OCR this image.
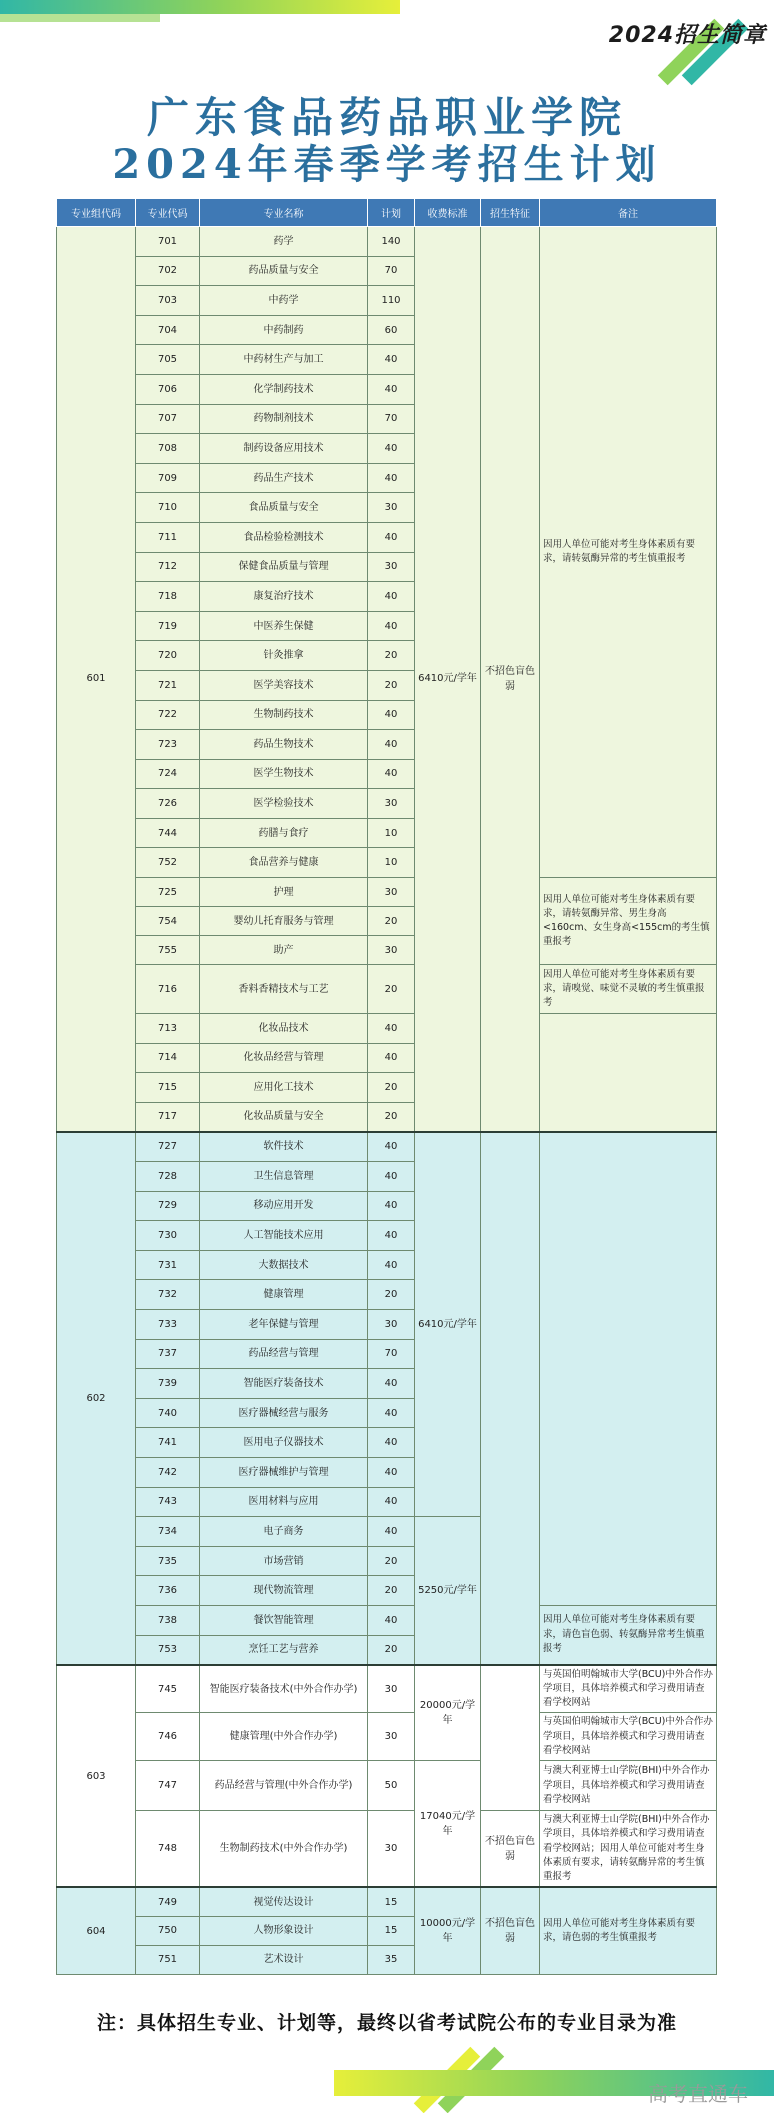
2024招生简章
广东食品药品职业学院
2024年春季学考招生计划
专业组代码	专业代码	专业名称	计划	收费标准	招生特征	备注
601	701	药学	140	6410元/学年	不招色盲色弱	因用人单位可能对考生身体素质有要求，请转氨酶异常的考生慎重报考
	702	药品质量与安全	70			
	703	中药学	110			
	704	中药制药	60			
	705	中药材生产与加工	40			
	706	化学制药技术	40			
	707	药物制剂技术	70			
	708	制药设备应用技术	40			
	709	药品生产技术	40			
	710	食品质量与安全	30			
	711	食品检验检测技术	40			
	712	保健食品质量与管理	30			
	718	康复治疗技术	40			
	719	中医养生保健	40			
	720	针灸推拿	20			
	721	医学美容技术	20			
	722	生物制药技术	40			
	723	药品生物技术	40			
	724	医学生物技术	40			
	726	医学检验技术	30			
	744	药膳与食疗	10			
	752	食品营养与健康	10			
	725	护理	30			因用人单位可能对考生身体素质有要求，请转氨酶异常、男生身高<160cm、女生身高<155cm的考生慎重报考
	754	婴幼儿托育服务与管理	20			
	755	助产	30			
	716	香料香精技术与工艺	20			因用人单位可能对考生身体素质有要求，请嗅觉、味觉不灵敏的考生慎重报考
	713	化妆品技术	40			
	714	化妆品经营与管理	40			
	715	应用化工技术	20			
	717	化妆品质量与安全	20			
602	727	软件技术	40	6410元/学年		
	728	卫生信息管理	40			
	729	移动应用开发	40			
	730	人工智能技术应用	40			
	731	大数据技术	40			
	732	健康管理	20			
	733	老年保健与管理	30			
	737	药品经营与管理	70			
	739	智能医疗装备技术	40			
	740	医疗器械经营与服务	40			
	741	医用电子仪器技术	40			
	742	医疗器械维护与管理	40			
	743	医用材料与应用	40			
	734	电子商务	40	5250元/学年		
	735	市场营销	20			
	736	现代物流管理	20			
	738	餐饮智能管理	40			因用人单位可能对考生身体素质有要求，请色盲色弱、转氨酶异常考生慎重报考
	753	烹饪工艺与营养	20			
603	745	智能医疗装备技术(中外合作办学)	30	20000元/学年		与英国伯明翰城市大学(BCU)中外合作办学项目，具体培养模式和学习费用请查看学校网站
	746	健康管理(中外合作办学)	30			与英国伯明翰城市大学(BCU)中外合作办学项目，具体培养模式和学习费用请查看学校网站
	747	药品经营与管理(中外合作办学)	50	17040元/学年		与澳大利亚博士山学院(BHI)中外合作办学项目，具体培养模式和学习费用请查看学校网站
	748	生物制药技术(中外合作办学)	30		不招色盲色弱	与澳大利亚博士山学院(BHI)中外合作办学项目，具体培养模式和学习费用请查看学校网站；因用人单位可能对考生身体素质有要求，请转氨酶异常的考生慎重报考
604	749	视觉传达设计	15	10000元/学年	不招色盲色弱	因用人单位可能对考生身体素质有要求，请色弱的考生慎重报考
	750	人物形象设计	15			
	751	艺术设计	35			
注：具体招生专业、计划等，最终以省考试院公布的专业目录为准
高考直通车
